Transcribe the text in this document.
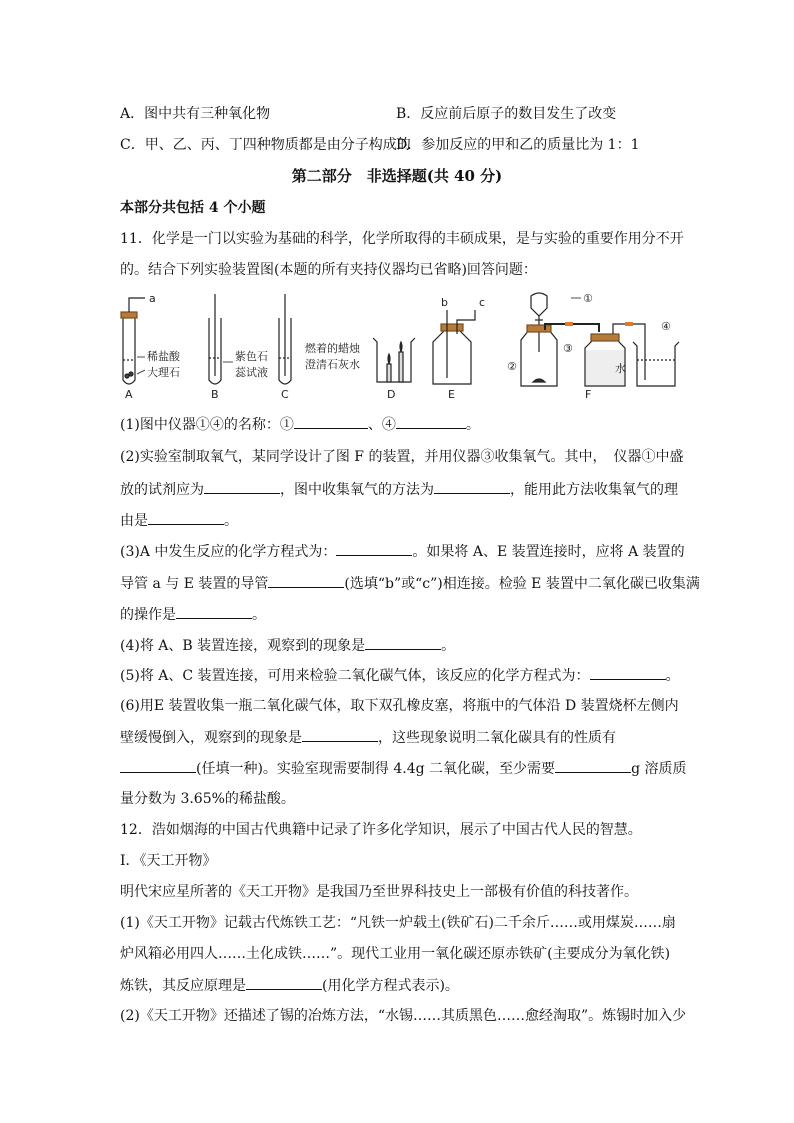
A．图中共有三种氧化物	B．反应前后原子的数目发生了改变
C．甲、乙、丙、丁四种物质都是由分子构成的
D．参加反应的甲和乙的质量比为 1：1
第二部分　非选择题(共 40 分)
本部分共包括 4 个小题
11．化学是一门以实验为基础的科学，化学所取得的丰硕成果，是与实验的重要作用分不开
的。结合下列实验装置图(本题的所有夹持仪器均已省略)回答问题：
a
稀盐酸
大理石
紫色石
蕊试液
燃着的蜡烛
澄清石灰水
b	c
水
①
②
③
④
A	B	C	D	E	F
(1)图中仪器①④的名称：①	、④	。
(2)实验室制取氧气，某同学设计了图 F 的装置，并用仪器③收集氧气。其中，　仪器①中盛
放的试剂应为	，图中收集氧气的方法为	，能用此方法收集氧气的理
由是	。
(3)A 中发生反应的化学方程式为：	。如果将 A、E 装置连接时，应将 A 装置的
导管 a 与 E 装置的导管	(选填“b”或“c”)相连接。检验 E 装置中二氧化碳已收集满
的操作是	。
(4)将 A、B 装置连接，观察到的现象是	。
(5)将 A、C 装置连接，可用来检验二氧化碳气体，该反应的化学方程式为：	。
(6)用E 装置收集一瓶二氧化碳气体，取下双孔橡皮塞，将瓶中的气体沿 D 装置烧杯左侧内
壁缓慢倒入，观察到的现象是	，这些现象说明二氧化碳具有的性质有
(任填一种)。实验室现需要制得 4.4g 二氧化碳，至少需要	g 溶质质
量分数为 3.65%的稀盐酸。
12．浩如烟海的中国古代典籍中记录了许多化学知识，展示了中国古代人民的智慧。
Ⅰ．《天工开物》
明代宋应星所著的《天工开物》是我国乃至世界科技史上一部极有价值的科技著作。
(1)《天工开物》记载古代炼铁工艺：“凡铁一炉载土(铁矿石)二千余斤……或用煤炭……扇
炉风箱必用四人……土化成铁……”。现代工业用一氧化碳还原赤铁矿(主要成分为氧化铁)
炼铁，其反应原理是	(用化学方程式表示)。
(2)《天工开物》还描述了锡的冶炼方法，“水锡……其质黑色……愈经淘取”。炼锡时加入少
